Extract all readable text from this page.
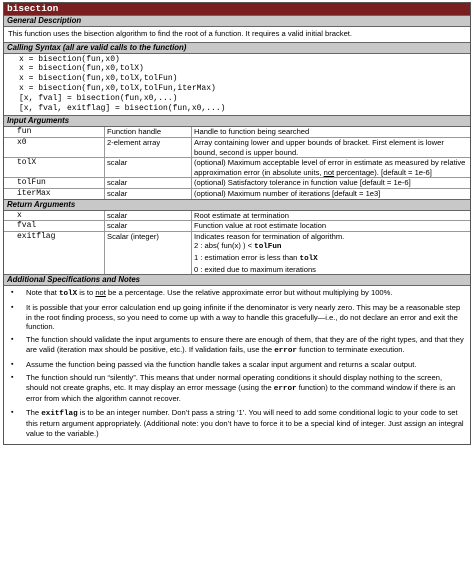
bisection
General Description
This function uses the bisection algorithm to find the root of a function. It requires a valid initial bracket.
Calling Syntax (all are valid calls to the function)
x = bisection(fun,x0)
x = bisection(fun,x0,tolX)
x = bisection(fun,x0,tolX,tolFun)
x = bisection(fun,x0,tolX,tolFun,iterMax)
[x, fval] = bisection(fun,x0,...)
[x, fval, exitflag] = bisection(fun,x0,...)
Input Arguments
fun	Function handle	Handle to function being searched
x0	2-element array	Array containing lower and upper bounds of bracket. First element is lower bound, second is upper bound.
tolX	scalar	(optional) Maximum acceptable level of error in estimate as measured by relative approximation error (in absolute units, not percentage). [default = 1e-6]
tolFun	scalar	(optional) Satisfactory tolerance in function value [default = 1e-6]
iterMax	scalar	(optional) Maximum number of iterations [default = 1e3]
Return Arguments
x	scalar	Root estimate at termination
fval	scalar	Function value at root estimate location
exitflag	Scalar (integer)	Indicates reason for termination of algorithm.
2 : abs( fun(x) ) < tolFun
1 : estimation error is less than tolX
0 : exited due to maximum iterations
Additional Specifications and Notes
▪ Note that tolX is to not be a percentage. Use the relative approximate error but without multiplying by 100%.
▪ It is possible that your error calculation end up going infinite if the denominator is very nearly zero. This may be a reasonable step in the root finding process, so you need to come up with a way to handle this gracefully—i.e., do not declare an error and exit the function.
▪ The function should validate the input arguments to ensure there are enough of them, that they are of the right types, and that they are valid (iteration max should be positive, etc.). If validation fails, use the error function to terminate execution.
▪ Assume the function being passed via the function handle takes a scalar input argument and returns a scalar output.
▪ The function should run “silently”. This means that under normal operating conditions it should display nothing to the screen, should not create graphs, etc. It may display an error message (using the error function) to the command window if there is an error from which the algorithm cannot recover.
▪ The exitflag is to be an integer number. Don’t pass a string ‘1’. You will need to add some conditional logic to your code to set this return argument appropriately. (Additional note: you don’t have to force it to be a special kind of integer. Just assign an integral value to the variable.)
